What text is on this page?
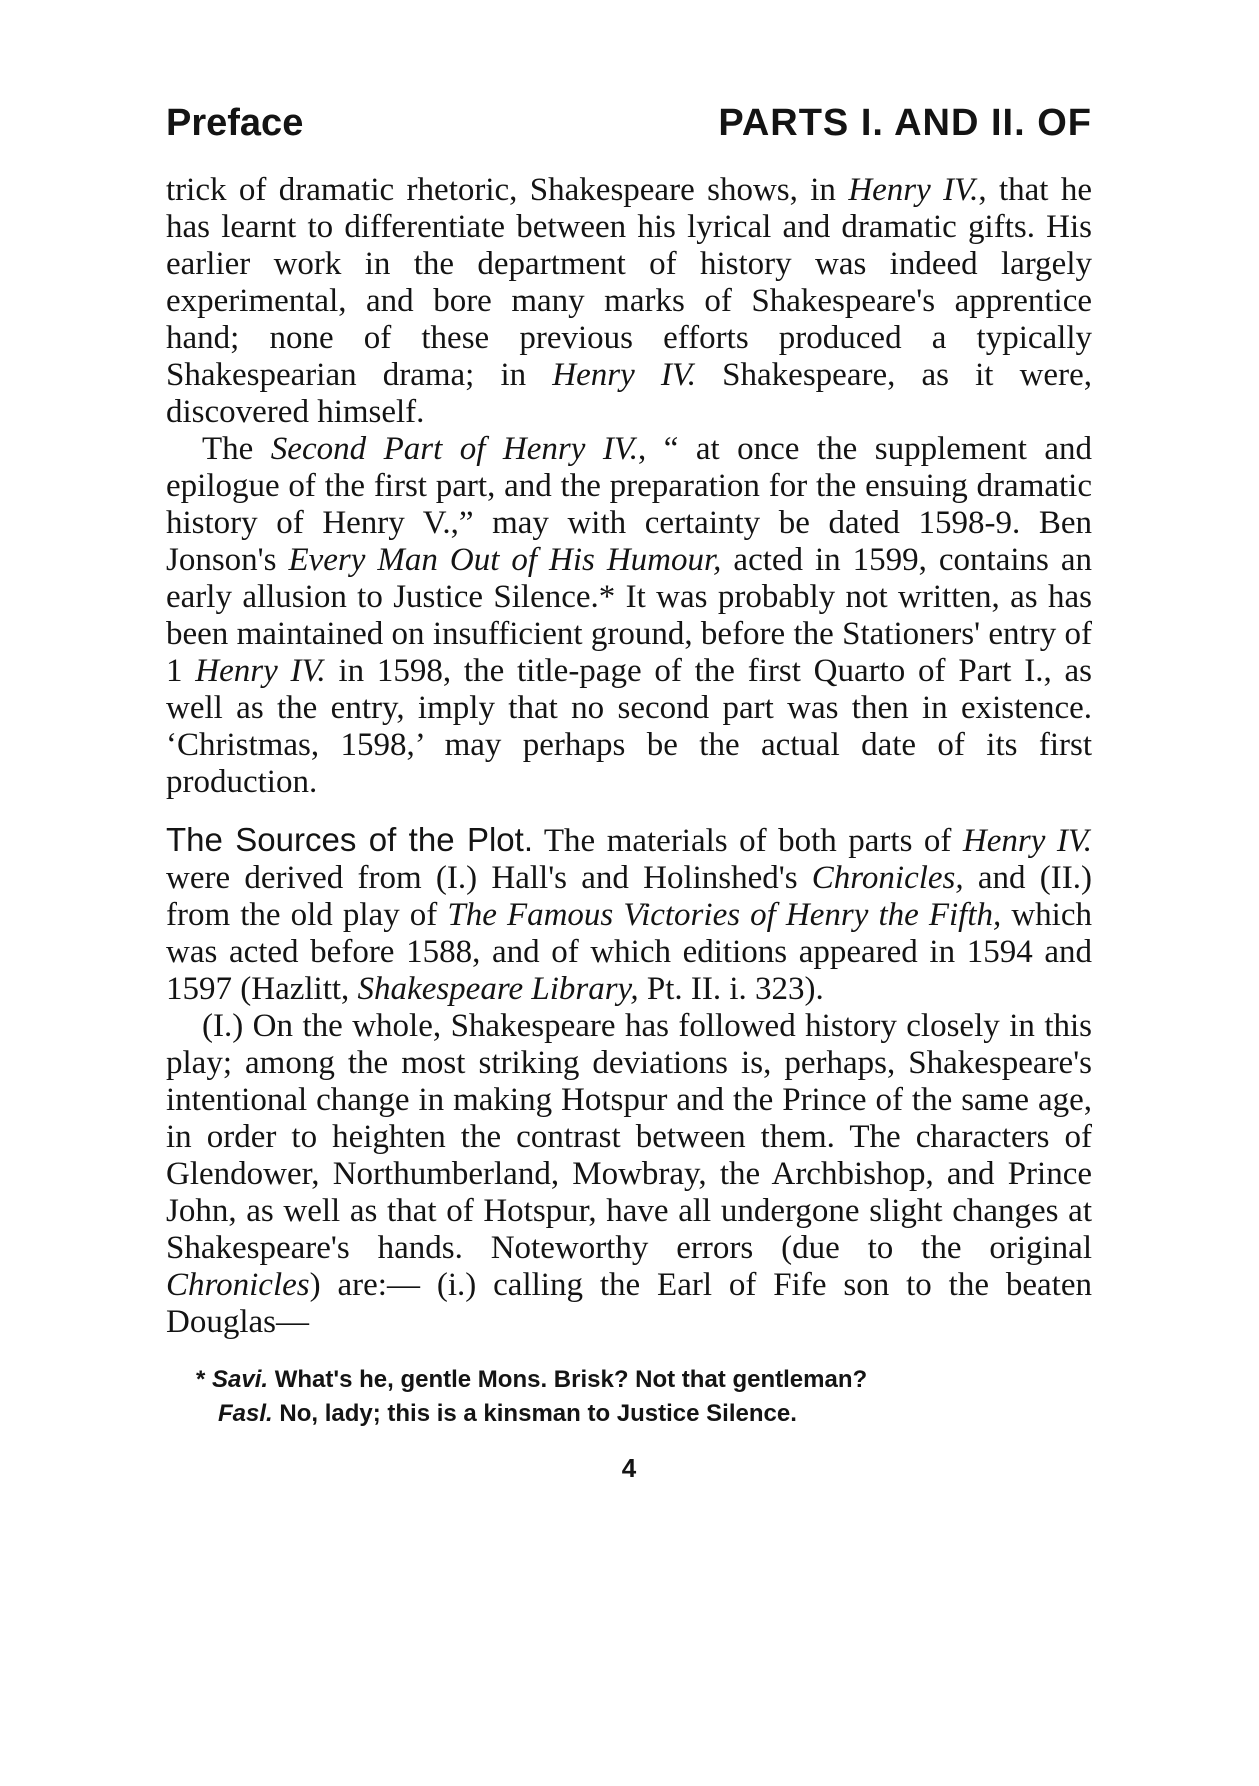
Preface	PARTS I. AND II. OF

trick of dramatic rhetoric, Shakespeare shows, in Henry IV., that he has learnt to differentiate between his lyrical and dramatic gifts. His earlier work in the department of history was indeed largely experimental, and bore many marks of Shakespeare's apprentice hand; none of these previous efforts produced a typically Shakespearian drama; in Henry IV. Shakespeare, as it were, discovered himself.

The Second Part of Henry IV., “ at once the supplement and epilogue of the first part, and the preparation for the ensuing dramatic history of Henry V.,” may with certainty be dated 1598-9. Ben Jonson's Every Man Out of His Humour, acted in 1599, contains an early allusion to Justice Silence.* It was probably not written, as has been maintained on insufficient ground, before the Stationers' entry of 1 Henry IV. in 1598, the title-page of the first Quarto of Part I., as well as the entry, imply that no second part was then in existence. ‘Christmas, 1598,’ may perhaps be the actual date of its first production.

The Sources of the Plot. The materials of both parts of Henry IV. were derived from (I.) Hall's and Holinshed's Chronicles, and (II.) from the old play of The Famous Victories of Henry the Fifth, which was acted before 1588, and of which editions appeared in 1594 and 1597 (Hazlitt, Shakespeare Library, Pt. II. i. 323).

(I.) On the whole, Shakespeare has followed history closely in this play; among the most striking deviations is, perhaps, Shakespeare's intentional change in making Hotspur and the Prince of the same age, in order to heighten the contrast between them. The characters of Glendower, Northumberland, Mowbray, the Archbishop, and Prince John, as well as that of Hotspur, have all undergone slight changes at Shakespeare's hands. Noteworthy errors (due to the original Chronicles) are:— (i.) calling the Earl of Fife son to the beaten Douglas—

* Savi. What's he, gentle Mons. Brisk? Not that gentleman?
Fasl. No, lady; this is a kinsman to Justice Silence.
4
